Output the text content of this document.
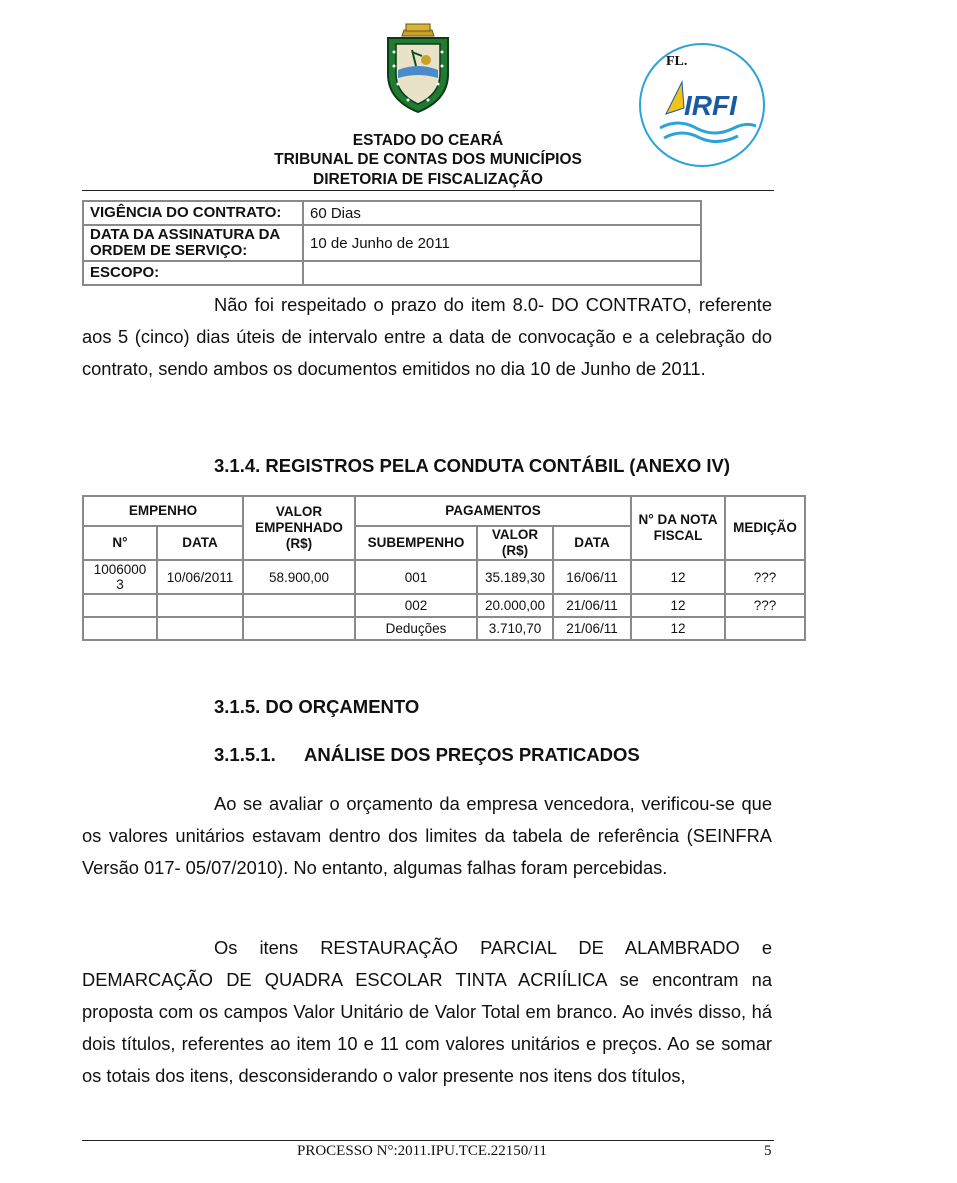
FL.
IRFI
ESTADO DO CEARÁ
TRIBUNAL DE CONTAS DOS MUNICÍPIOS
DIRETORIA DE FISCALIZAÇÃO
VIGÊNCIA DO CONTRATO:	60 Dias
DATA DA ASSINATURA DA ORDEM DE SERVIÇO:	10 de Junho de 2011
ESCOPO:	
Não foi respeitado o prazo do item 8.0- DO CONTRATO, referente aos 5 (cinco) dias úteis de intervalo entre a data de convocação e a celebração do contrato, sendo ambos os documentos emitidos no dia 10 de Junho de 2011.
3.1.4. REGISTROS PELA CONDUTA CONTÁBIL (ANEXO IV)
EMPENHO		VALOR EMPENHADO (R$)	PAGAMENTOS			N° DA NOTA FISCAL	MEDIÇÃO
N°	DATA		SUBEMPENHO	VALOR (R$)	DATA		
1006000 3	10/06/2011	58.900,00	001	35.189,30	16/06/11	12	???
			002	20.000,00	21/06/11	12	???
			Deduções	3.710,70	21/06/11	12	
3.1.5. DO ORÇAMENTO
3.1.5.1. ANÁLISE DOS PREÇOS PRATICADOS
Ao se avaliar o orçamento da empresa vencedora, verificou-se que os valores unitários estavam dentro dos limites da tabela de referência (SEINFRA Versão 017- 05/07/2010). No entanto, algumas falhas foram percebidas.
Os itens RESTAURAÇÃO PARCIAL DE ALAMBRADO e DEMARCAÇÃO DE QUADRA ESCOLAR TINTA ACRIÍLICA se encontram na proposta com os campos Valor Unitário de Valor Total em branco. Ao invés disso, há dois títulos, referentes ao item 10 e 11 com valores unitários e preços. Ao se somar os totais dos itens, desconsiderando o valor presente nos itens dos títulos,
PROCESSO N°:2011.IPU.TCE.22150/11	5
